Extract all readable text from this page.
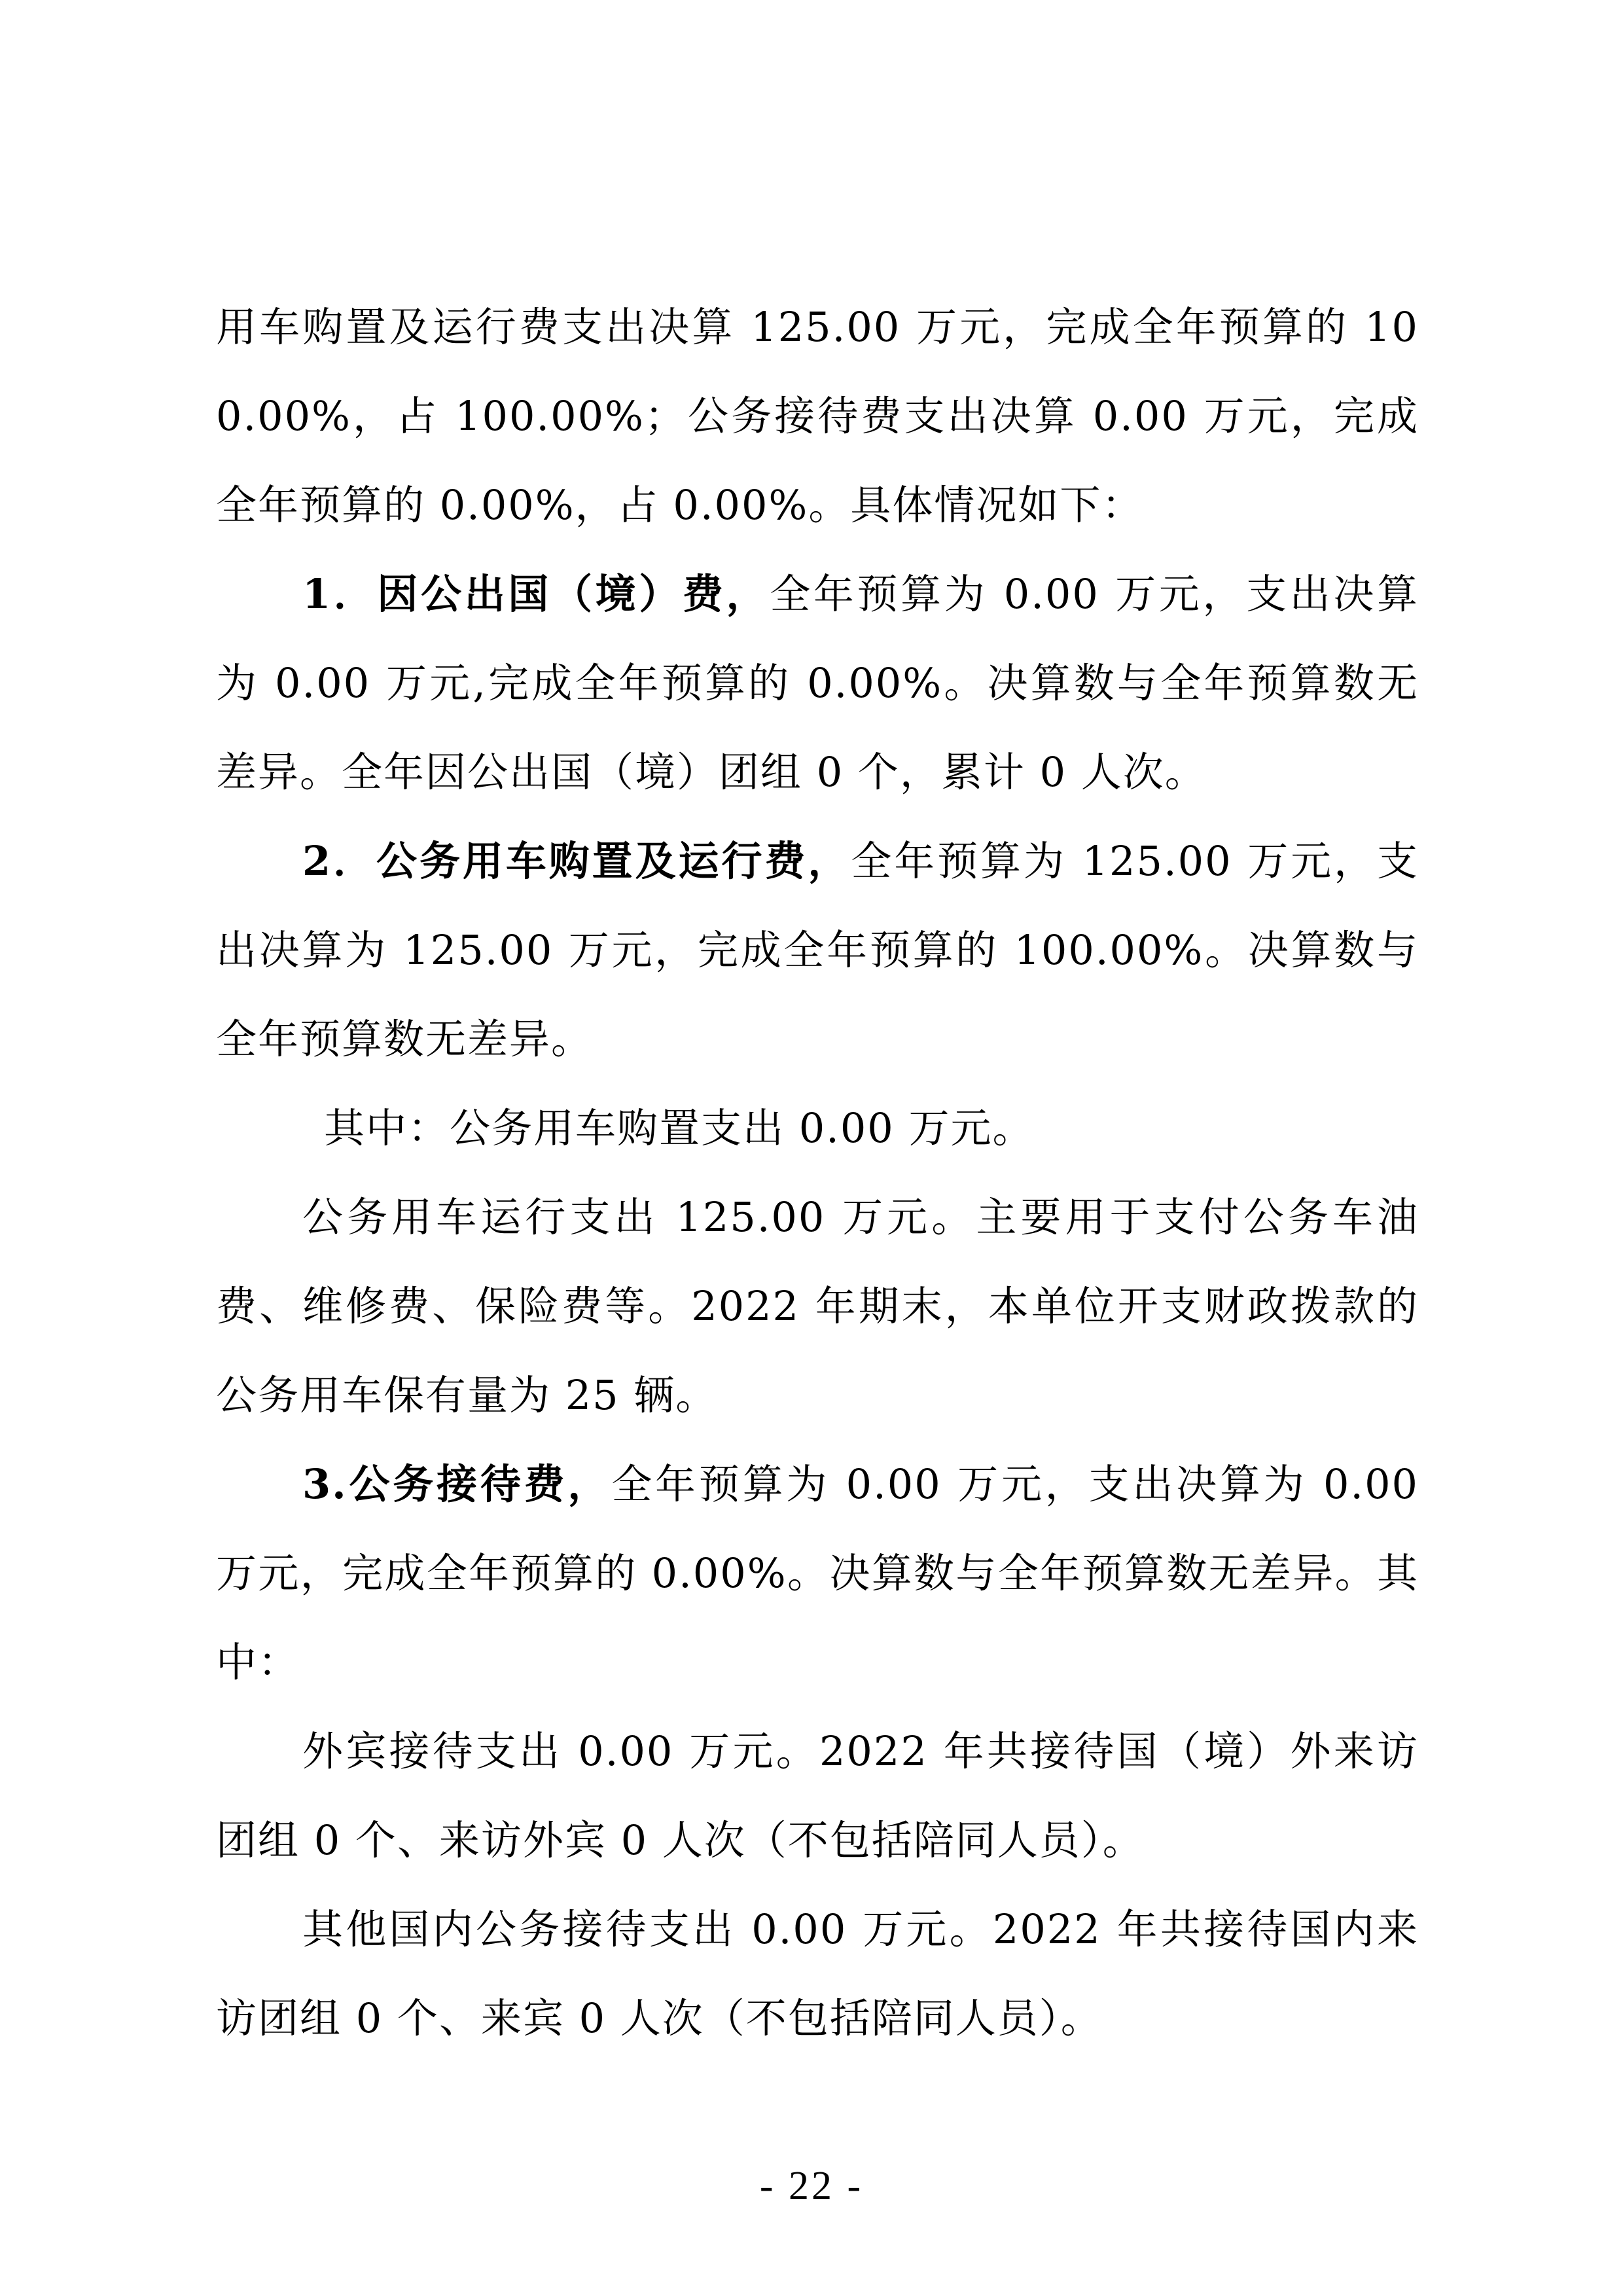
用车购置及运行费支出决算 125.00 万元，完成全年预算的 100.00%，占 100.00%；公务接待费支出决算 0.00 万元，完成全年预算的 0.00%，占 0.00%。具体情况如下：

1．因公出国（境）费，全年预算为 0.00 万元，支出决算为 0.00 万元,完成全年预算的 0.00%。决算数与全年预算数无差异。全年因公出国（境）团组 0 个，累计 0 人次。

2．公务用车购置及运行费，全年预算为 125.00 万元，支出决算为 125.00 万元，完成全年预算的 100.00%。决算数与全年预算数无差异。

其中：公务用车购置支出 0.00 万元。

公务用车运行支出 125.00 万元。主要用于支付公务车油费、维修费、保险费等。2022 年期末，本单位开支财政拨款的公务用车保有量为 25 辆。

3.公务接待费，全年预算为 0.00 万元，支出决算为 0.00 万元，完成全年预算的 0.00%。决算数与全年预算数无差异。其中：

外宾接待支出 0.00 万元。2022 年共接待国（境）外来访团组 0 个、来访外宾 0 人次（不包括陪同人员）。

其他国内公务接待支出 0.00 万元。2022 年共接待国内来访团组 0 个、来宾 0 人次（不包括陪同人员）。

- 22 -
